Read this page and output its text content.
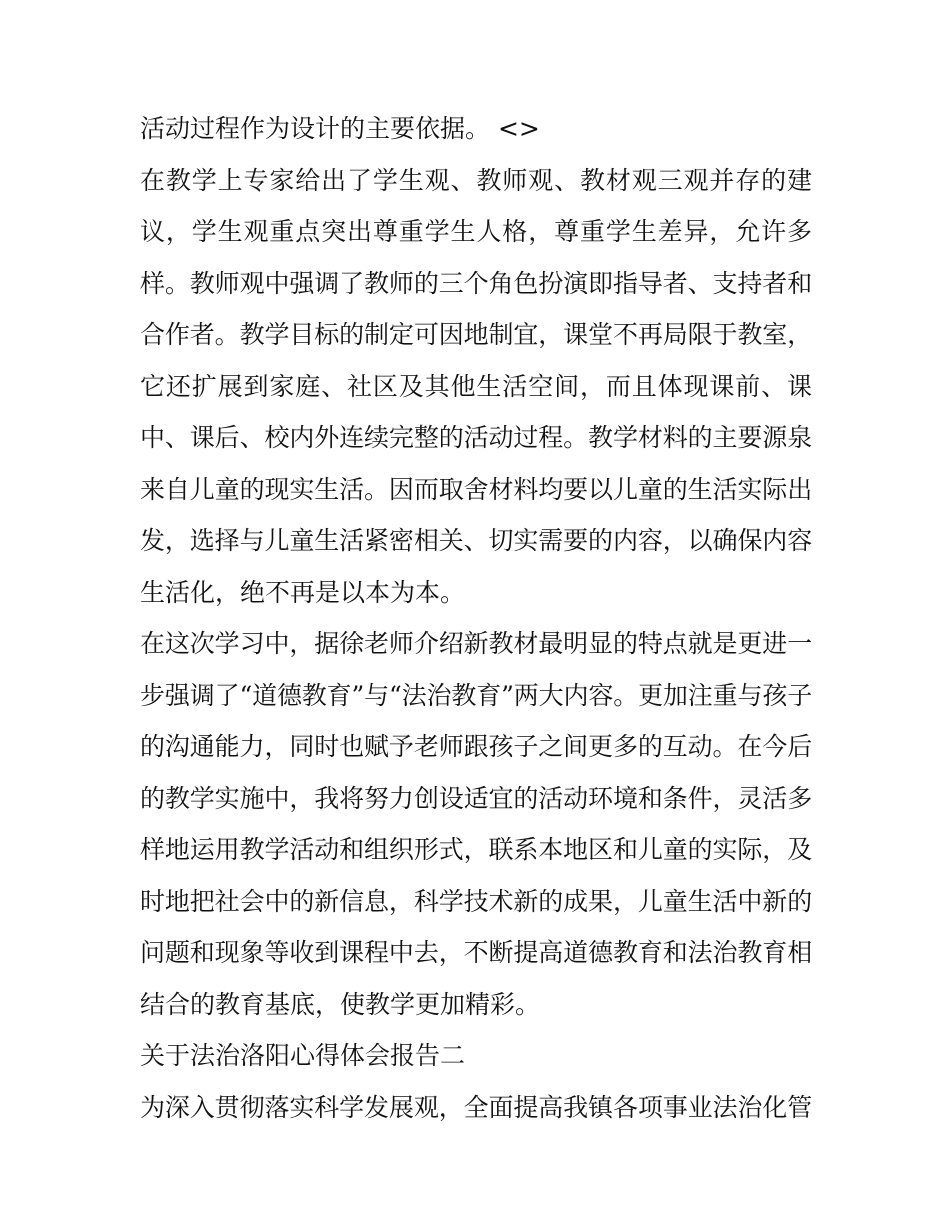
活动过程作为设计的主要依据。 <>
在教学上专家给出了学生观、教师观、教材观三观并存的建
议，学生观重点突出尊重学生人格，尊重学生差异，允许多
样。教师观中强调了教师的三个角色扮演即指导者、支持者和
合作者。教学目标的制定可因地制宜，课堂不再局限于教室，
它还扩展到家庭、社区及其他生活空间，而且体现课前、课
中、课后、校内外连续完整的活动过程。教学材料的主要源泉
来自儿童的现实生活。因而取舍材料均要以儿童的生活实际出
发，选择与儿童生活紧密相关、切实需要的内容，以确保内容
生活化，绝不再是以本为本。
在这次学习中，据徐老师介绍新教材最明显的特点就是更进一
步强调了“道德教育”与“法治教育”两大内容。更加注重与孩子
的沟通能力，同时也赋予老师跟孩子之间更多的互动。在今后
的教学实施中，我将努力创设适宜的活动环境和条件，灵活多
样地运用教学活动和组织形式，联系本地区和儿童的实际，及
时地把社会中的新信息，科学技术新的成果，儿童生活中新的
问题和现象等收到课程中去，不断提高道德教育和法治教育相
结合的教育基底，使教学更加精彩。
关于法治洛阳心得体会报告二
为深入贯彻落实科学发展观，全面提高我镇各项事业法治化管
